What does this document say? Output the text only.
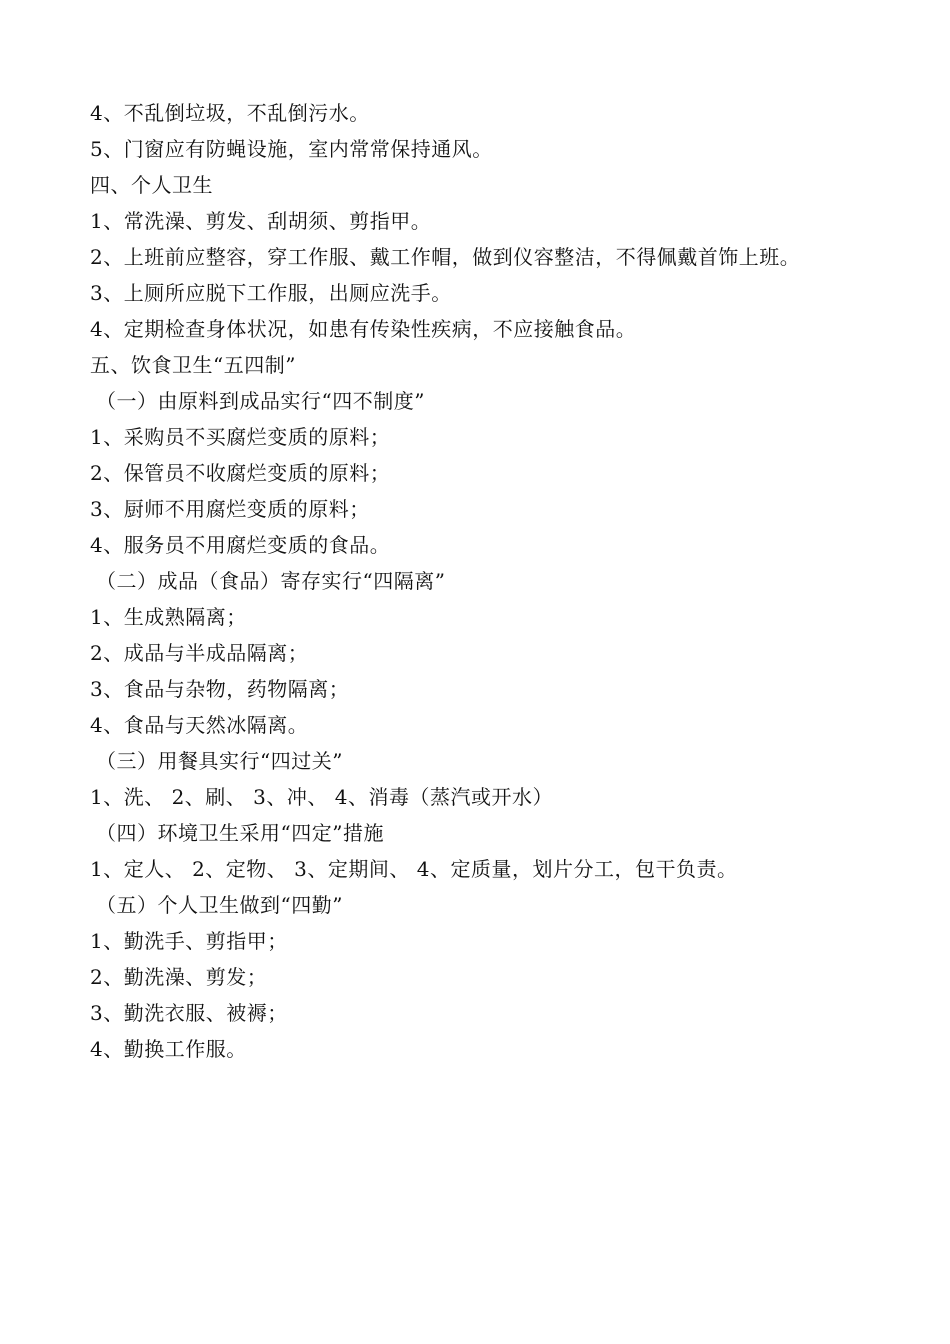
4、不乱倒垃圾，不乱倒污水。
5、门窗应有防蝇设施，室内常常保持通风。
四、个人卫生
1、常洗澡、剪发、刮胡须、剪指甲。
2、上班前应整容，穿工作服、戴工作帽，做到仪容整洁，不得佩戴首饰上班。
3、上厕所应脱下工作服，出厕应洗手。
4、定期检查身体状况，如患有传染性疾病，不应接触食品。
五、饮食卫生“五四制”
（一）由原料到成品实行“四不制度”
1、采购员不买腐烂变质的原料；
2、保管员不收腐烂变质的原料；
3、厨师不用腐烂变质的原料；
4、服务员不用腐烂变质的食品。
（二）成品（食品）寄存实行“四隔离”
1、生成熟隔离；
2、成品与半成品隔离；
3、食品与杂物，药物隔离；
4、食品与天然冰隔离。
（三）用餐具实行“四过关”
1、洗、 2、刷、 3、冲、 4、消毒（蒸汽或开水）
（四）环境卫生采用“四定”措施
1、定人、 2、定物、 3、定期间、 4、定质量，划片分工，包干负责。
（五）个人卫生做到“四勤”
1、勤洗手、剪指甲；
2、勤洗澡、剪发；
3、勤洗衣服、被褥；
4、勤换工作服。
